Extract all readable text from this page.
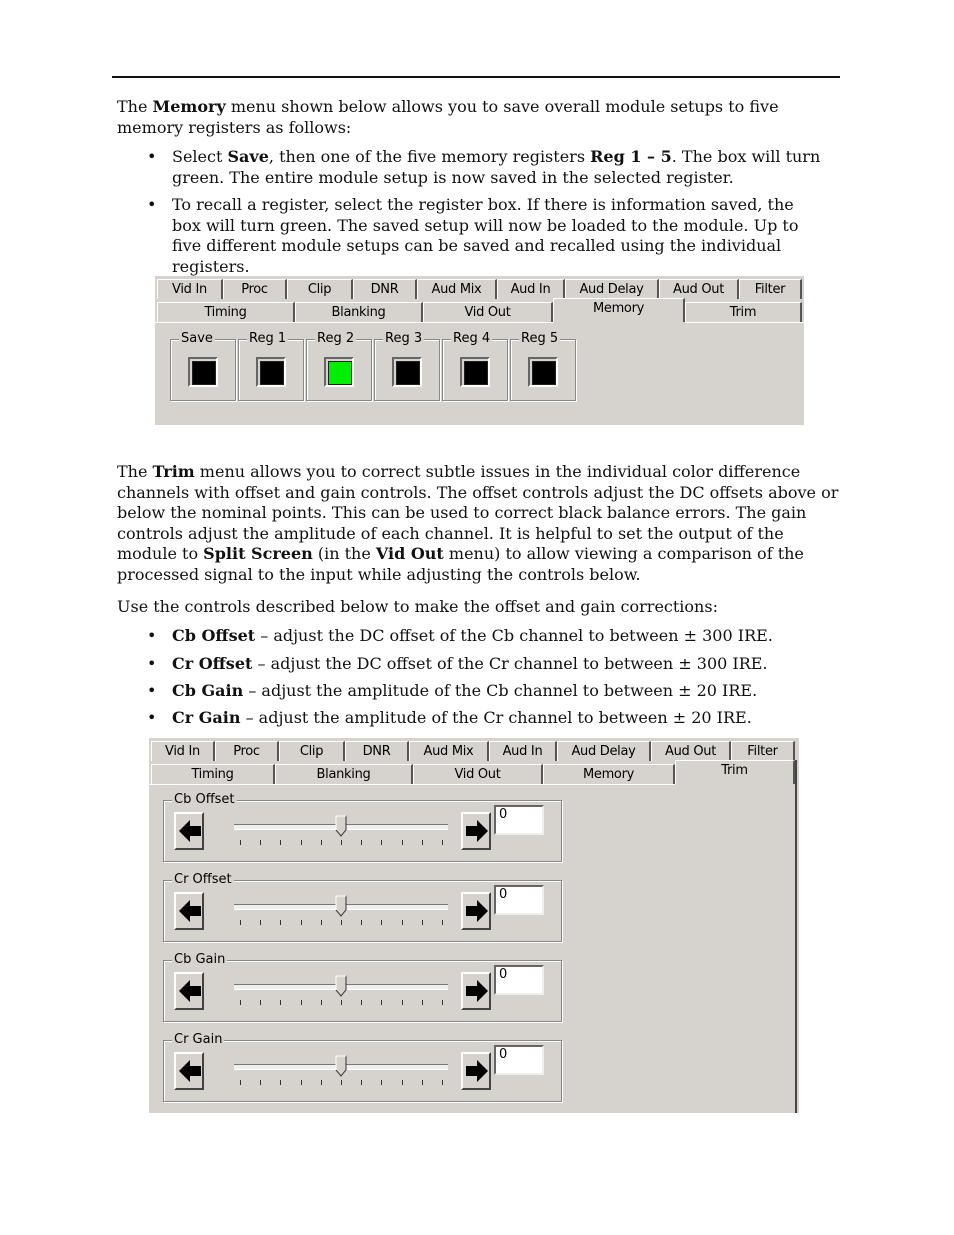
The Memory menu shown below allows you to save overall module setups to five memory registers as follows:

• Select Save, then one of the five memory registers Reg 1 – 5. The box will turn green. The entire module setup is now saved in the selected register.
• To recall a register, select the register box. If there is information saved, the box will turn green. The saved setup will now be loaded to the module. Up to five different module setups can be saved and recalled using the individual registers.
Vid In	Proc	Clip	DNR	Aud Mix	Aud In	Aud Delay	Aud Out	Filter
Timing	Blanking	Vid Out	Memory	Trim
Save	Reg 1 Reg 2 Reg 3 Reg 4 Reg 5

The Trim menu allows you to correct subtle issues in the individual color difference channels with offset and gain controls. The offset controls adjust the DC offsets above or below the nominal points. This can be used to correct black balance errors. The gain controls adjust the amplitude of each channel. It is helpful to set the output of the module to Split Screen (in the Vid Out menu) to allow viewing a comparison of the processed signal to the input while adjusting the controls below.

Use the controls described below to make the offset and gain corrections:

• Cb Offset – adjust the DC offset of the Cb channel to between ± 300 IRE.
• Cr Offset – adjust the DC offset of the Cr channel to between ± 300 IRE.
• Cb Gain – adjust the amplitude of the Cb channel to between ± 20 IRE.
• Cr Gain – adjust the amplitude of the Cr channel to between ± 20 IRE.
Vid In	Proc	Clip	DNR	Aud Mix	Aud In	Aud Delay	Aud Out	Filter
Timing	Blanking	Vid Out	Memory	Trim
Cb Offset
0
Cr Offset
0
Cb Gain
0
Cr Gain
0
